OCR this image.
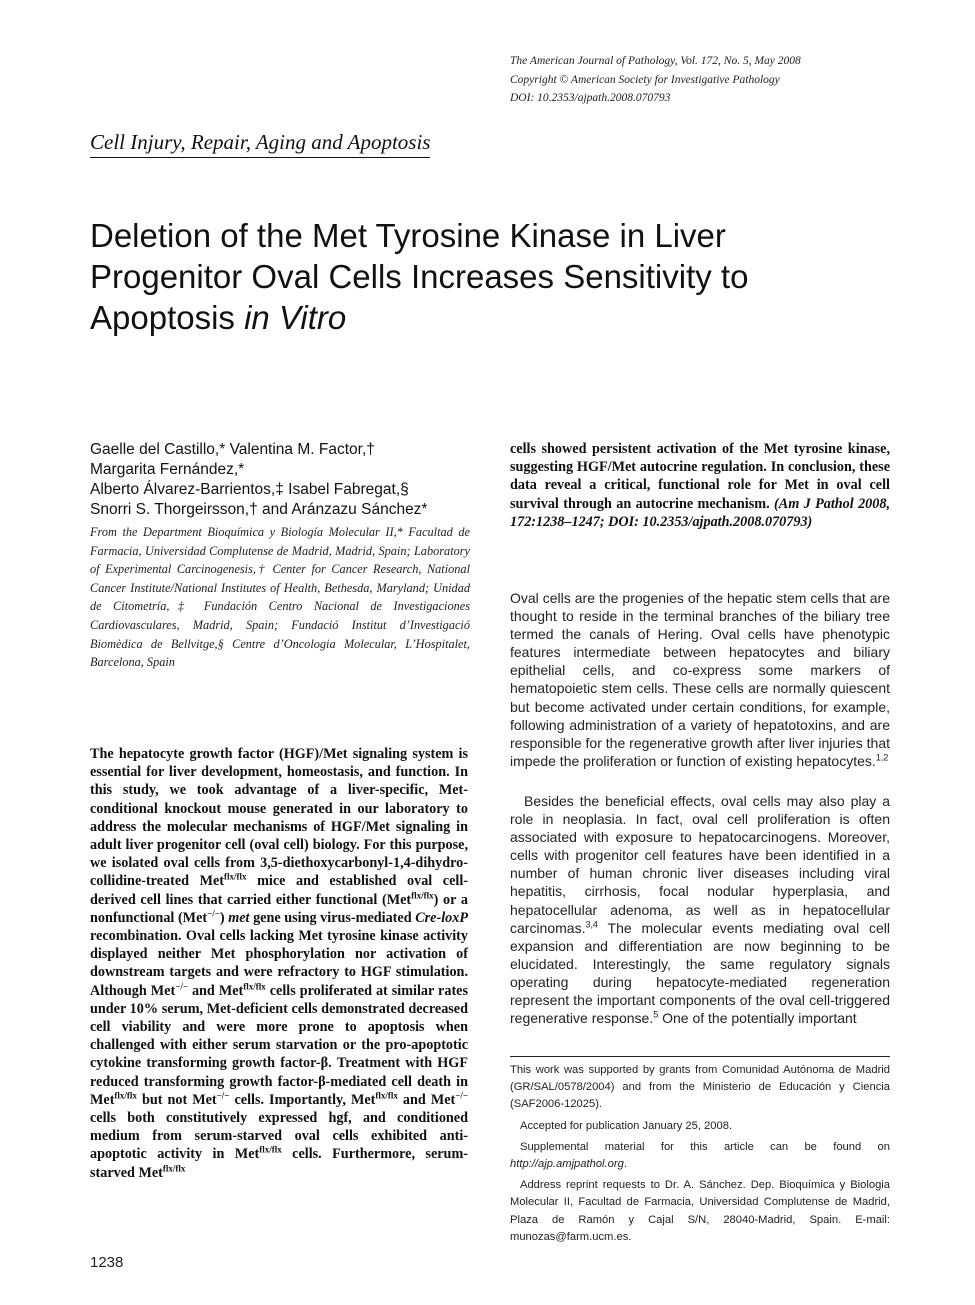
The American Journal of Pathology, Vol. 172, No. 5, May 2008
Copyright © American Society for Investigative Pathology
DOI: 10.2353/ajpath.2008.070793
Cell Injury, Repair, Aging and Apoptosis
Deletion of the Met Tyrosine Kinase in Liver Progenitor Oval Cells Increases Sensitivity to Apoptosis in Vitro
Gaelle del Castillo,* Valentina M. Factor,†
Margarita Fernández,*
Alberto Álvarez-Barrientos,‡ Isabel Fabregat,§
Snorri S. Thorgeirsson,† and Aránzazu Sánchez*
From the Department Bioquímica y Biología Molecular II,* Facultad de Farmacia, Universidad Complutense de Madrid, Madrid, Spain; Laboratory of Experimental Carcinogenesis,† Center for Cancer Research, National Cancer Institute/National Institutes of Health, Bethesda, Maryland; Unidad de Citometría,‡ Fundación Centro Nacional de Investigaciones Cardiovasculares, Madrid, Spain; Fundació Institut d’Investigació Biomèdica de Bellvitge,§ Centre d’Oncologia Molecular, L’Hospitalet, Barcelona, Spain
The hepatocyte growth factor (HGF)/Met signaling system is essential for liver development, homeostasis, and function. In this study, we took advantage of a liver-specific, Met-conditional knockout mouse generated in our laboratory to address the molecular mechanisms of HGF/Met signaling in adult liver progenitor cell (oval cell) biology. For this purpose, we isolated oval cells from 3,5-diethoxycarbonyl-1,4-dihydro-collidine-treated Met$^{flx/flx}$ mice and established oval cell-derived cell lines that carried either functional (Met$^{flx/flx}$) or a nonfunctional (Met−/−) met gene using virus-mediated Cre-loxP recombination. Oval cells lacking Met tyrosine kinase activity displayed neither Met phosphorylation nor activation of downstream targets and were refractory to HGF stimulation. Although Met−/− and Met$^{flx/flx}$ cells proliferated at similar rates under 10% serum, Met-deficient cells demonstrated decreased cell viability and were more prone to apoptosis when challenged with either serum starvation or the pro-apoptotic cytokine transforming growth factor-β. Treatment with HGF reduced transforming growth factor-β-mediated cell death in Met$^{flx/flx}$ but not Met−/− cells. Importantly, Met$^{flx/flx}$ and Met−/− cells both constitutively expressed hgf, and conditioned medium from serum-starved oval cells exhibited anti-apoptotic activity in Met$^{flx/flx}$ cells. Furthermore, serum-starved Met$^{flx/flx}$
cells showed persistent activation of the Met tyrosine kinase, suggesting HGF/Met autocrine regulation. In conclusion, these data reveal a critical, functional role for Met in oval cell survival through an autocrine mechanism. (Am J Pathol 2008, 172:1238–1247; DOI: 10.2353/ajpath.2008.070793)

Oval cells are the progenies of the hepatic stem cells that are thought to reside in the terminal branches of the biliary tree termed the canals of Hering. Oval cells have phenotypic features intermediate between hepatocytes and biliary epithelial cells, and co-express some markers of hematopoietic stem cells. These cells are normally quiescent but become activated under certain conditions, for example, following administration of a variety of hepatotoxins, and are responsible for the regenerative growth after liver injuries that impede the proliferation or function of existing hepatocytes.$^{1,2}$

Besides the beneficial effects, oval cells may also play a role in neoplasia. In fact, oval cell proliferation is often associated with exposure to hepatocarcinogens. Moreover, cells with progenitor cell features have been identified in a number of human chronic liver diseases including viral hepatitis, cirrhosis, focal nodular hyperplasia, and hepatocellular adenoma, as well as in hepatocellular carcinomas.$^{3,4}$ The molecular events mediating oval cell expansion and differentiation are now beginning to be elucidated. Interestingly, the same regulatory signals operating during hepatocyte-mediated regeneration represent the important components of the oval cell-triggered regenerative response.$^5$ One of the potentially important

This work was supported by grants from Comunidad Autónoma de Madrid (GR/SAL/0578/2004) and from the Ministerio de Educación y Ciencia (SAF2006-12025).

Accepted for publication January 25, 2008.

Supplemental material for this article can be found on http://ajp.amjpathol.org.

Address reprint requests to Dr. A. Sánchez. Dep. Bioquímica y Biologia Molecular II, Facultad de Farmacia, Universidad Complutense de Madrid, Plaza de Ramón y Cajal S/N, 28040-Madrid, Spain. E-mail: munozas@farm.ucm.es.

1238
